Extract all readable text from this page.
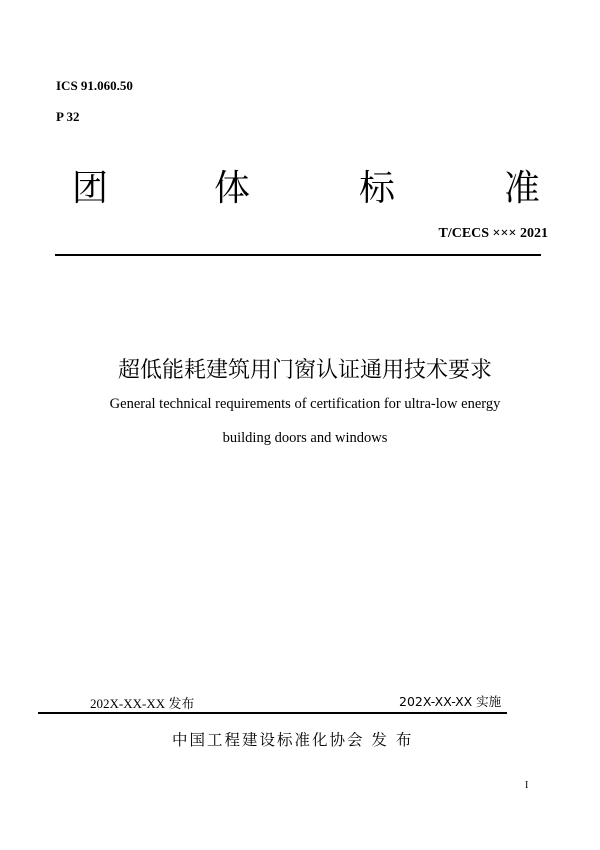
ICS 91.060.50
P 32
团	体	标	准
T/CECS ××× 2021
超低能耗建筑用门窗认证通用技术要求
General technical requirements of certification for ultra-low energy
building doors and windows
202X-XX-XX 发布	202X-XX-XX 实施
中国工程建设标准化协会 发 布
I
